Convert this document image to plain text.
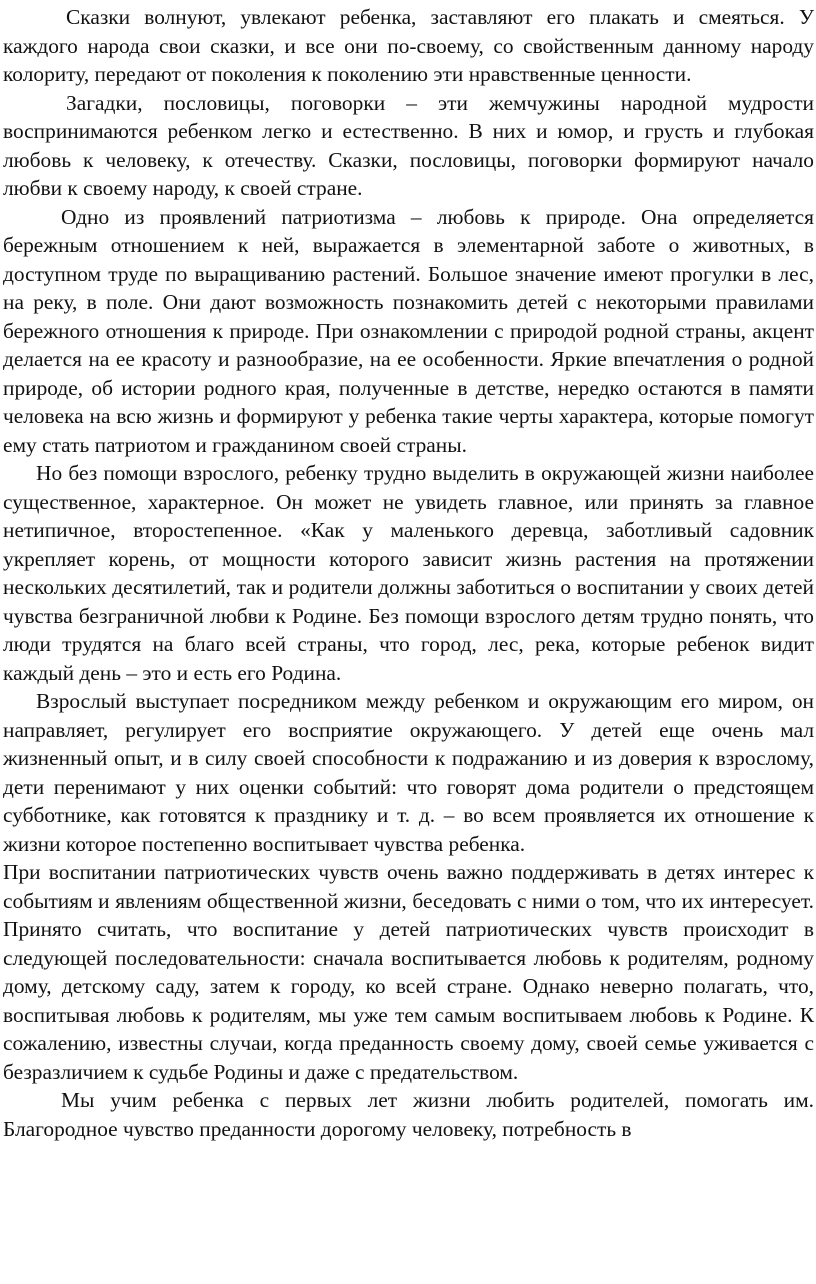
Сказки волнуют, увлекают ребенка, заставляют его плакать и смеяться. У каждого народа свои сказки, и все они по-своему, со свойственным данному народу колориту, передают от поколения к поколению эти нравственные ценности.

Загадки, пословицы, поговорки – эти жемчужины народной мудрости воспринимаются ребенком легко и естественно. В них и юмор, и грусть и глубокая любовь к человеку, к отечеству. Сказки, пословицы, поговорки формируют начало любви к своему народу, к своей стране.

Одно из проявлений патриотизма – любовь к природе. Она определяется бережным отношением к ней, выражается в элементарной заботе о животных, в доступном труде по выращиванию растений. Большое значение имеют прогулки в лес, на реку, в поле. Они дают возможность познакомить детей с некоторыми правилами бережного отношения к природе. При ознакомлении с природой родной страны, акцент делается на ее красоту и разнообразие, на ее особенности. Яркие впечатления о родной природе, об истории родного края, полученные в детстве, нередко остаются в памяти человека на всю жизнь и формируют у ребенка такие черты характера, которые помогут ему стать патриотом и гражданином своей страны.

Но без помощи взрослого, ребенку трудно выделить в окружающей жизни наиболее существенное, характерное. Он может не увидеть главное, или принять за главное нетипичное, второстепенное. «Как у маленького деревца, заботливый садовник укрепляет корень, от мощности которого зависит жизнь растения на протяжении нескольких десятилетий, так и родители должны заботиться о воспитании у своих детей чувства безграничной любви к Родине. Без помощи взрослого детям трудно понять, что люди трудятся на благо всей страны, что город, лес, река, которые ребенок видит каждый день – это и есть его Родина.

Взрослый выступает посредником между ребенком и окружающим его миром, он направляет, регулирует его восприятие окружающего. У детей еще очень мал жизненный опыт, и в силу своей способности к подражанию и из доверия к взрослому, дети перенимают у них оценки событий: что говорят дома родители о предстоящем субботнике, как готовятся к празднику и т. д. – во всем проявляется их отношение к жизни которое постепенно воспитывает чувства ребенка.

При воспитании патриотических чувств очень важно поддерживать в детях интерес к событиям и явлениям общественной жизни, беседовать с ними о том, что их интересует. Принято считать, что воспитание у детей патриотических чувств происходит в следующей последовательности: сначала воспитывается любовь к родителям, родному дому, детскому саду, затем к городу, ко всей стране. Однако неверно полагать, что, воспитывая любовь к родителям, мы уже тем самым воспитываем любовь к Родине. К сожалению, известны случаи, когда преданность своему дому, своей семье уживается с безразличием к судьбе Родины и даже с предательством.

Мы учим ребенка с первых лет жизни любить родителей, помогать им. Благородное чувство преданности дорогому человеку, потребность в
